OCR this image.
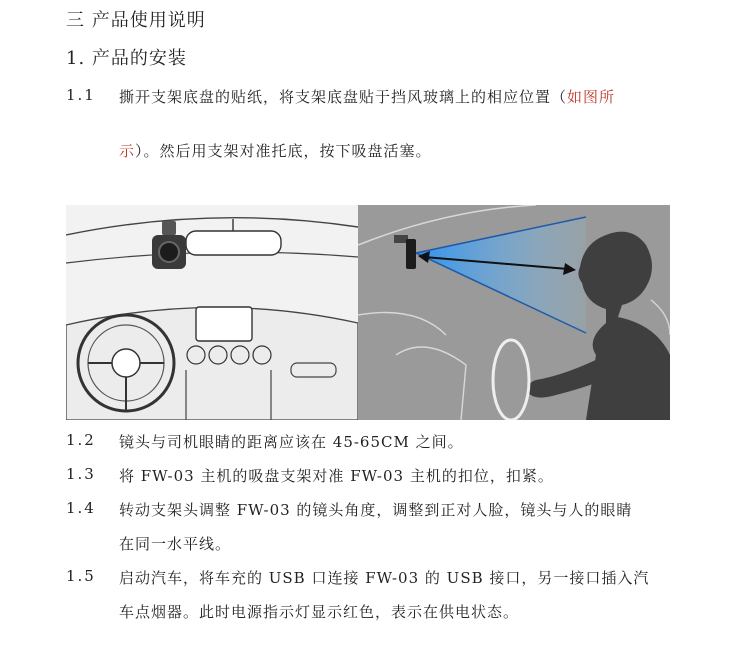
三 产品使用说明
1. 产品的安装
1.1 撕开支架底盘的贴纸，将支架底盘贴于挡风玻璃上的相应位置（如图所
示）。然后用支架对准托底，按下吸盘活塞。
1.2 镜头与司机眼睛的距离应该在 45-65CM 之间。
1.3 将 FW-03 主机的吸盘支架对准 FW-03 主机的扣位，扣紧。
1.4 转动支架头调整 FW-03 的镜头角度，调整到正对人脸，镜头与人的眼睛
在同一水平线。
1.5 启动汽车，将车充的 USB 口连接 FW-03 的 USB 接口，另一接口插入汽
车点烟器。此时电源指示灯显示红色，表示在供电状态。
